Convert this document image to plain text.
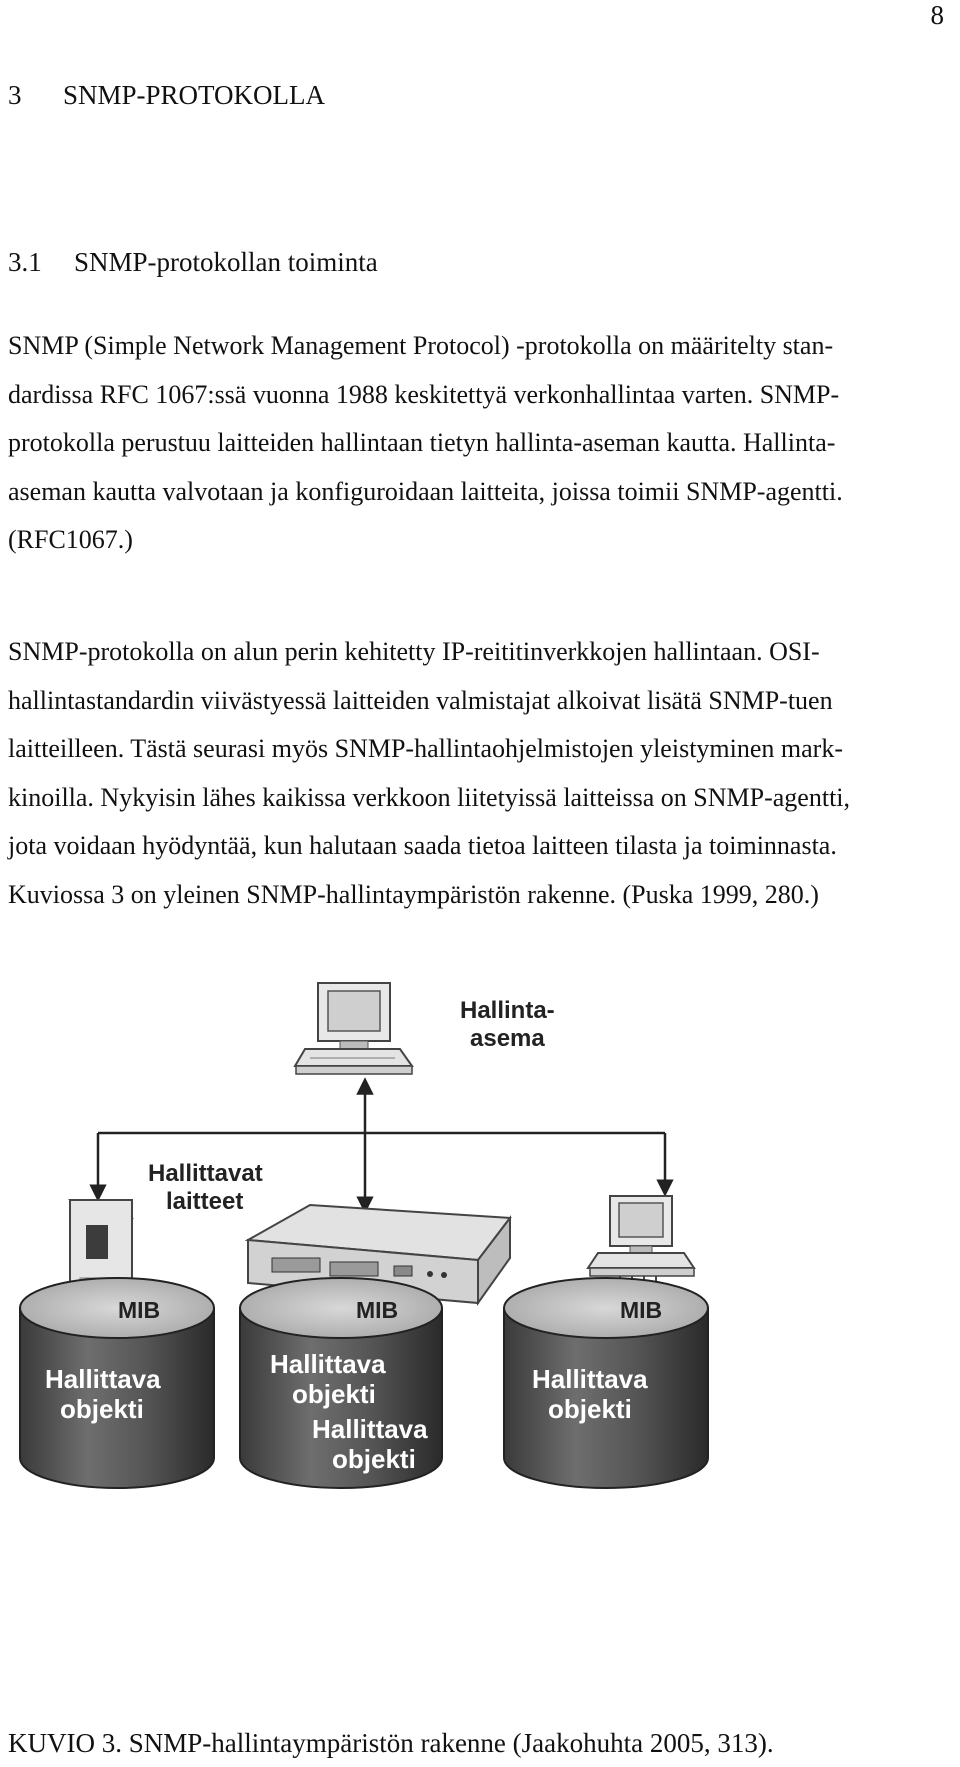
8
3 SNMP-PROTOKOLLA
3.1 SNMP-protokollan toiminta

SNMP (Simple Network Management Protocol) -protokolla on määritelty stan-
dardissa RFC 1067:ssä vuonna 1988 keskitettyä verkonhallintaa varten. SNMP-
protokolla perustuu laitteiden hallintaan tietyn hallinta-aseman kautta. Hallinta-
aseman kautta valvotaan ja konfiguroidaan laitteita, joissa toimii SNMP-agentti.
(RFC1067.)

SNMP-protokolla on alun perin kehitetty IP-reititinverkkojen hallintaan. OSI-
hallintastandardin viivästyessä laitteiden valmistajat alkoivat lisätä SNMP-tuen
laitteilleen. Tästä seurasi myös SNMP-hallintaohjelmistojen yleistyminen mark-
kinoilla. Nykyisin lähes kaikissa verkkoon liitetyissä laitteissa on SNMP-agentti,
jota voidaan hyödyntää, kun halutaan saada tietoa laitteen tilasta ja toiminnasta.
Kuviossa 3 on yleinen SNMP-hallintaympäristön rakenne. (Puska 1999, 280.)

Hallinta-
asema
Hallittavat
laitteet
MIB
Hallittava
objekti
MIB
Hallittava
objekti
Hallittava
objekti
MIB
Hallittava
objekti
KUVIO 3. SNMP-hallintaympäristön rakenne (Jaakohuhta 2005, 313).
